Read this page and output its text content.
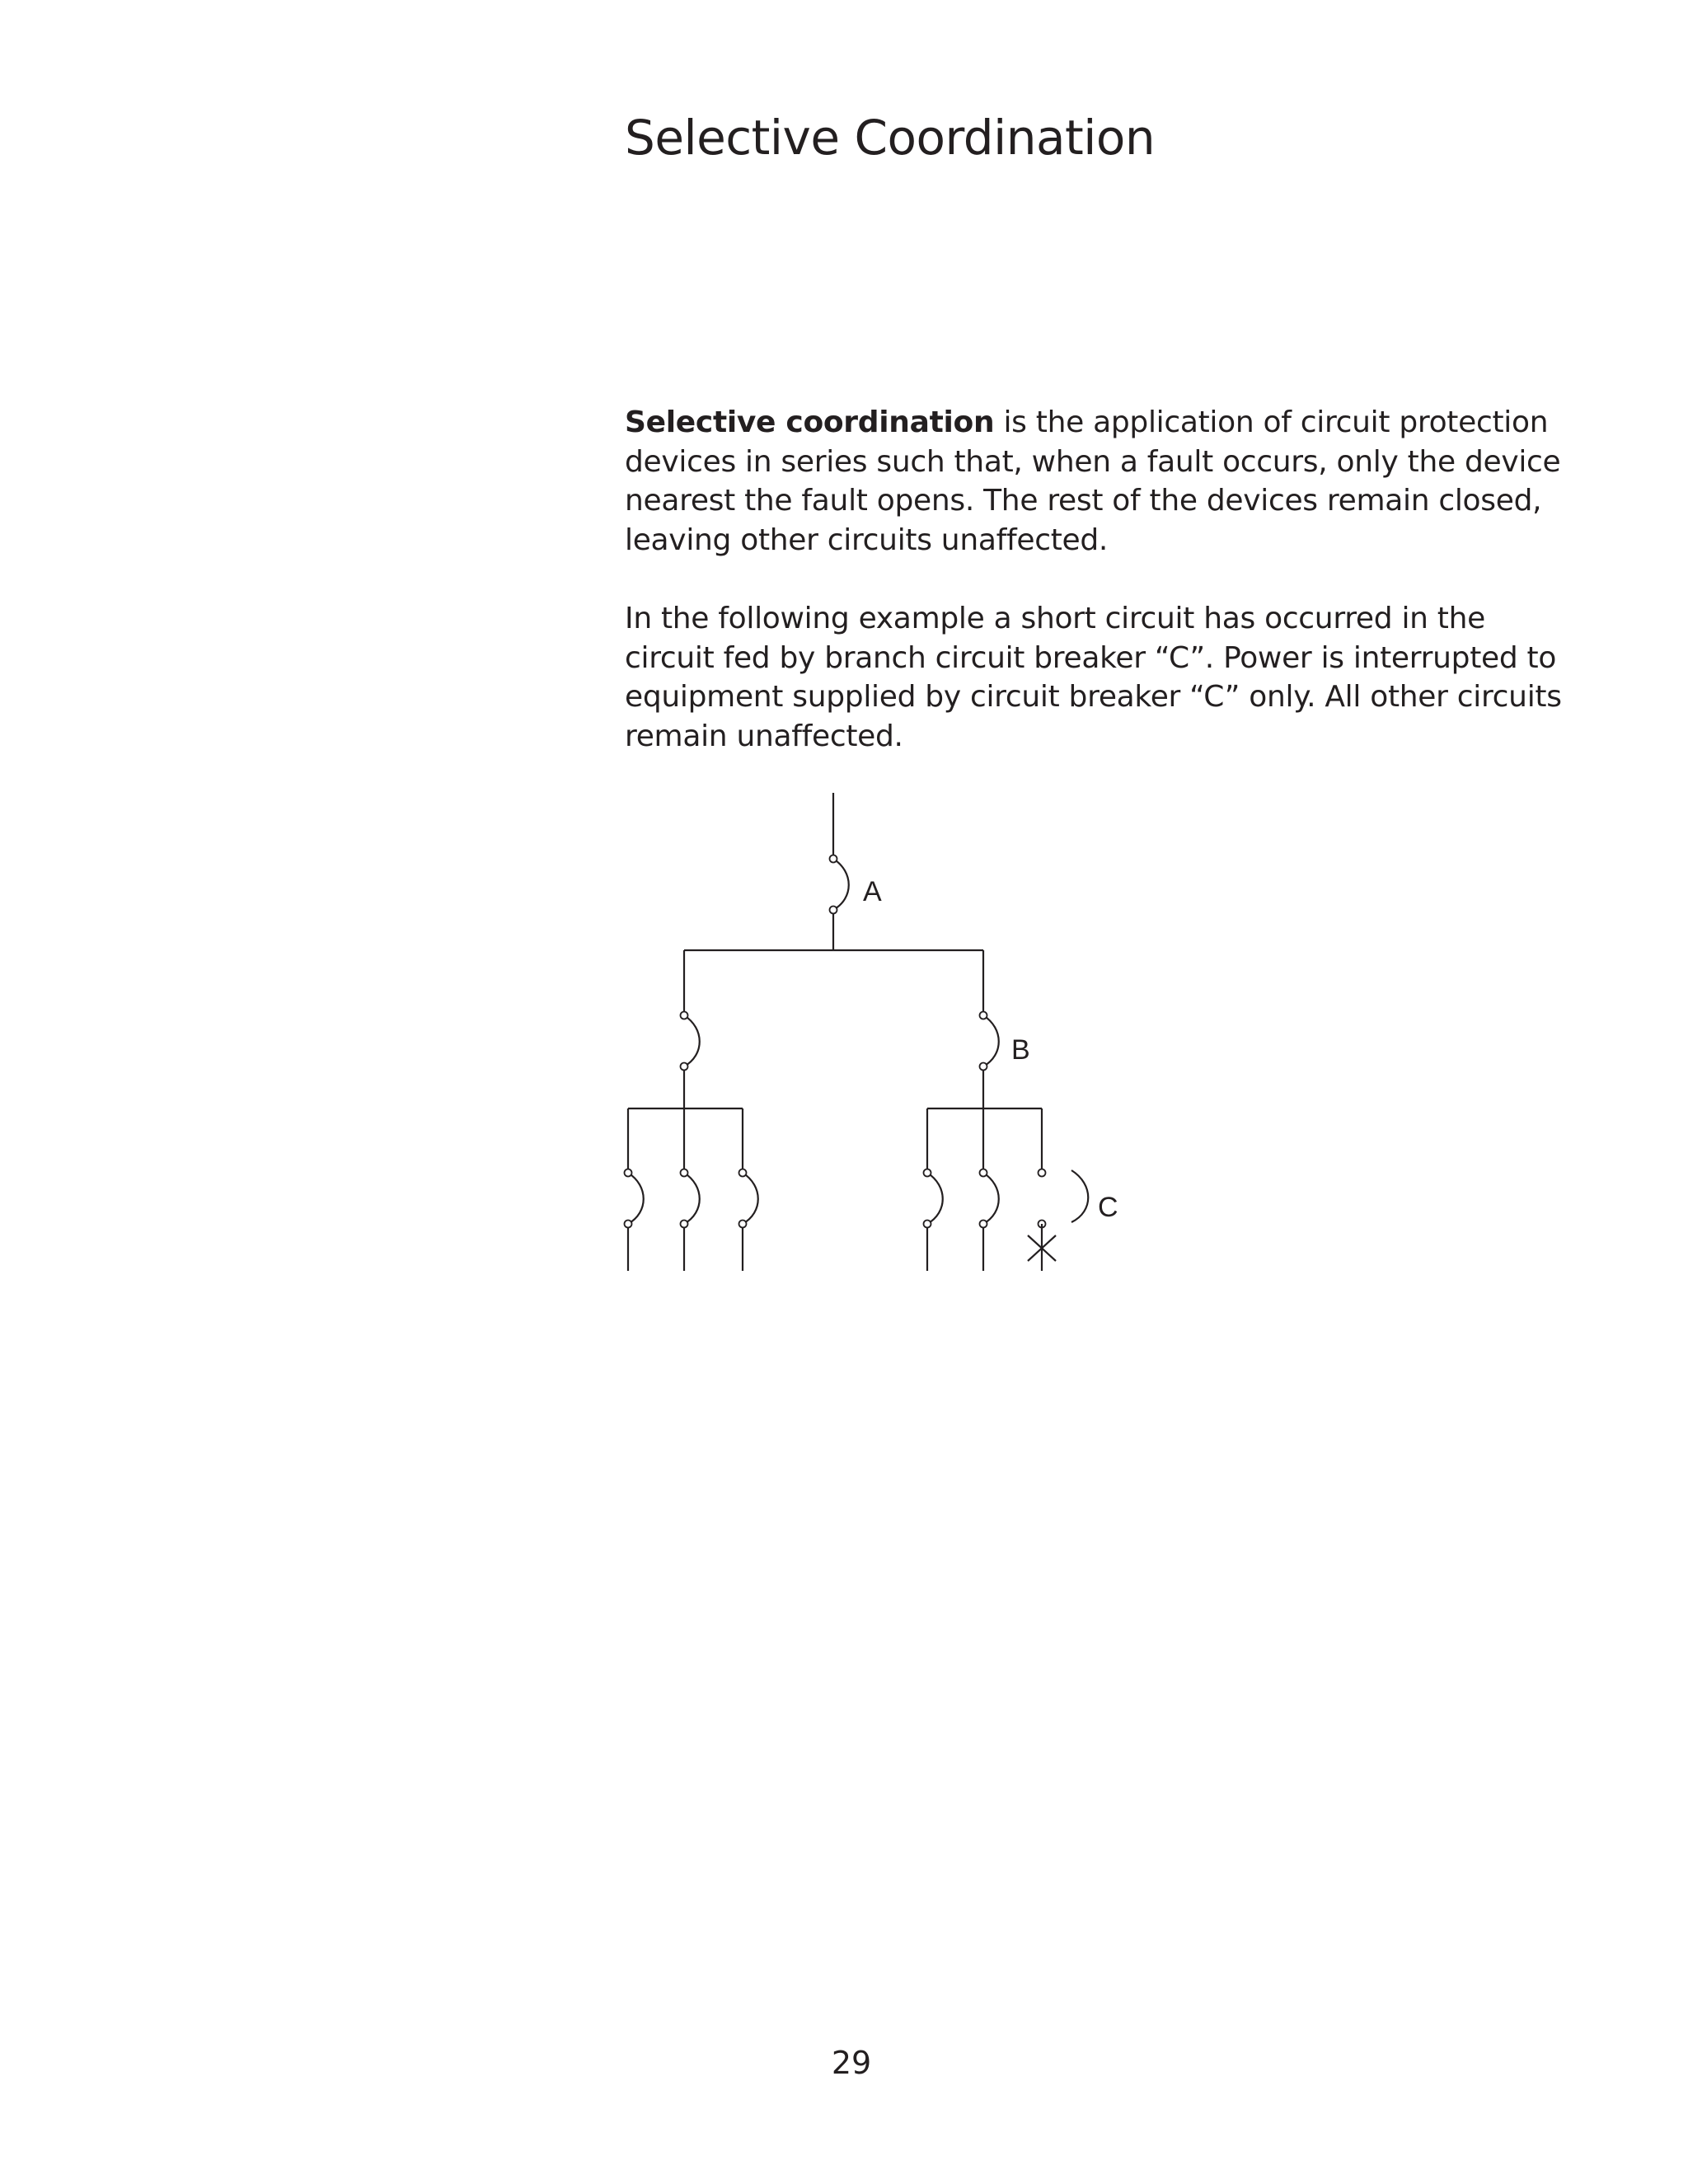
Selective Coordination

Selective coordination is the application of circuit protection devices in series such that, when a fault occurs, only the device nearest the fault opens. The rest of the devices remain closed, leaving other circuits unaffected.

In the following example a short circuit has occurred in the circuit fed by branch circuit breaker “C”. Power is interrupted to equipment supplied by circuit breaker “C” only. All other circuits remain unaffected.

A
B
C
29
